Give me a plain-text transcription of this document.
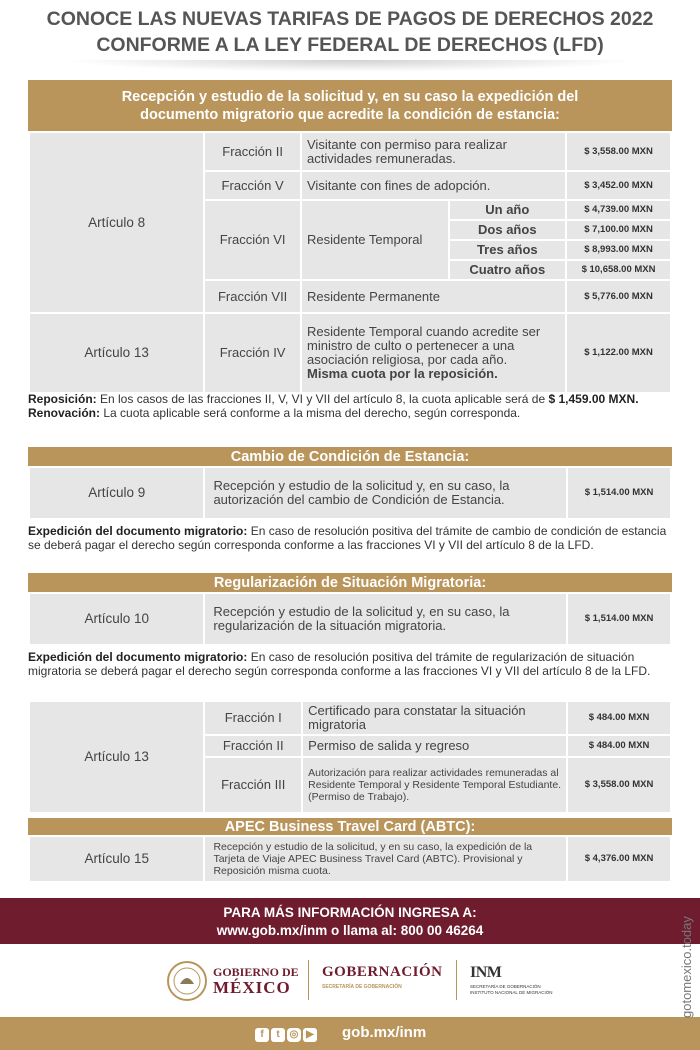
CONOCE LAS NUEVAS TARIFAS DE PAGOS DE DERECHOS 2022
CONFORME A LA LEY FEDERAL DE DERECHOS (LFD)
Recepción y estudio de la solicitud y, en su caso la expedición del
documento migratorio que acredite la condición de estancia:
Artículo 8	Fracción II	Visitante con permiso para realizar actividades remuneradas.		$ 3,558.00 MXN
	Fracción V	Visitante con fines de adopción.		$ 3,452.00 MXN
	Fracción VI	Residente Temporal	Un año	$ 4,739.00 MXN
			Dos años	$ 7,100.00 MXN
			Tres años	$ 8,993.00 MXN
			Cuatro años	$ 10,658.00 MXN
	Fracción VII	Residente Permanente		$ 5,776.00 MXN
Artículo 13	Fracción IV	Residente Temporal cuando acredite ser ministro de culto o pertenecer a una asociación religiosa, por cada año.
Misma cuota por la reposición.		$ 1,122.00 MXN
Reposición: En los casos de las fracciones II, V, VI y VII del artículo 8, la cuota aplicable será de $ 1,459.00 MXN.
Renovación: La cuota aplicable será conforme a la misma del derecho, según corresponda.
Cambio de Condición de Estancia:
Artículo 9	Recepción y estudio de la solicitud y, en su caso, la autorización del cambio de Condición de Estancia.	$ 1,514.00 MXN
Expedición del documento migratorio: En caso de resolución positiva del trámite de cambio de condición de estancia se deberá pagar el derecho según corresponda conforme a las fracciones VI y VII del artículo 8 de la LFD.
Regularización de Situación Migratoria:
Artículo 10	Recepción y estudio de la solicitud y, en su caso, la regularización de la situación migratoria.	$ 1,514.00 MXN
Expedición del documento migratorio: En caso de resolución positiva del trámite de regularización de situación migratoria se deberá pagar el derecho según corresponda conforme a las fracciones VI y VII del artículo 8 de la LFD.
Artículo 13	Fracción I	Certificado para constatar la situación migratoria	$ 484.00 MXN
	Fracción II	Permiso de salida y regreso	$ 484.00 MXN
	Fracción III	Autorización para realizar actividades remuneradas al Residente Temporal y Residente Temporal Estudiante. (Permiso de Trabajo).	$ 3,558.00 MXN
APEC Business Travel Card (ABTC):
Artículo 15	Recepción y estudio de la solicitud, y en su caso, la expedición de la Tarjeta de Viaje APEC Business Travel Card (ABTC). Provisional y Reposición misma cuota.	$ 4,376.00 MXN
PARA MÁS INFORMACIÓN INGRESA A:
www.gob.mx/inm o llama al: 800 00 46264
GOBIERNO DE
MÉXICO
GOBERNACIÓN
SECRETARÍA DE GOBERNACIÓN
INM
SECRETARÍA DE GOBERNACIÓN
INSTITUTO NACIONAL DE MIGRACIÓN
f t ◎ ▶	gob.mx/inm
gotomexico.today
